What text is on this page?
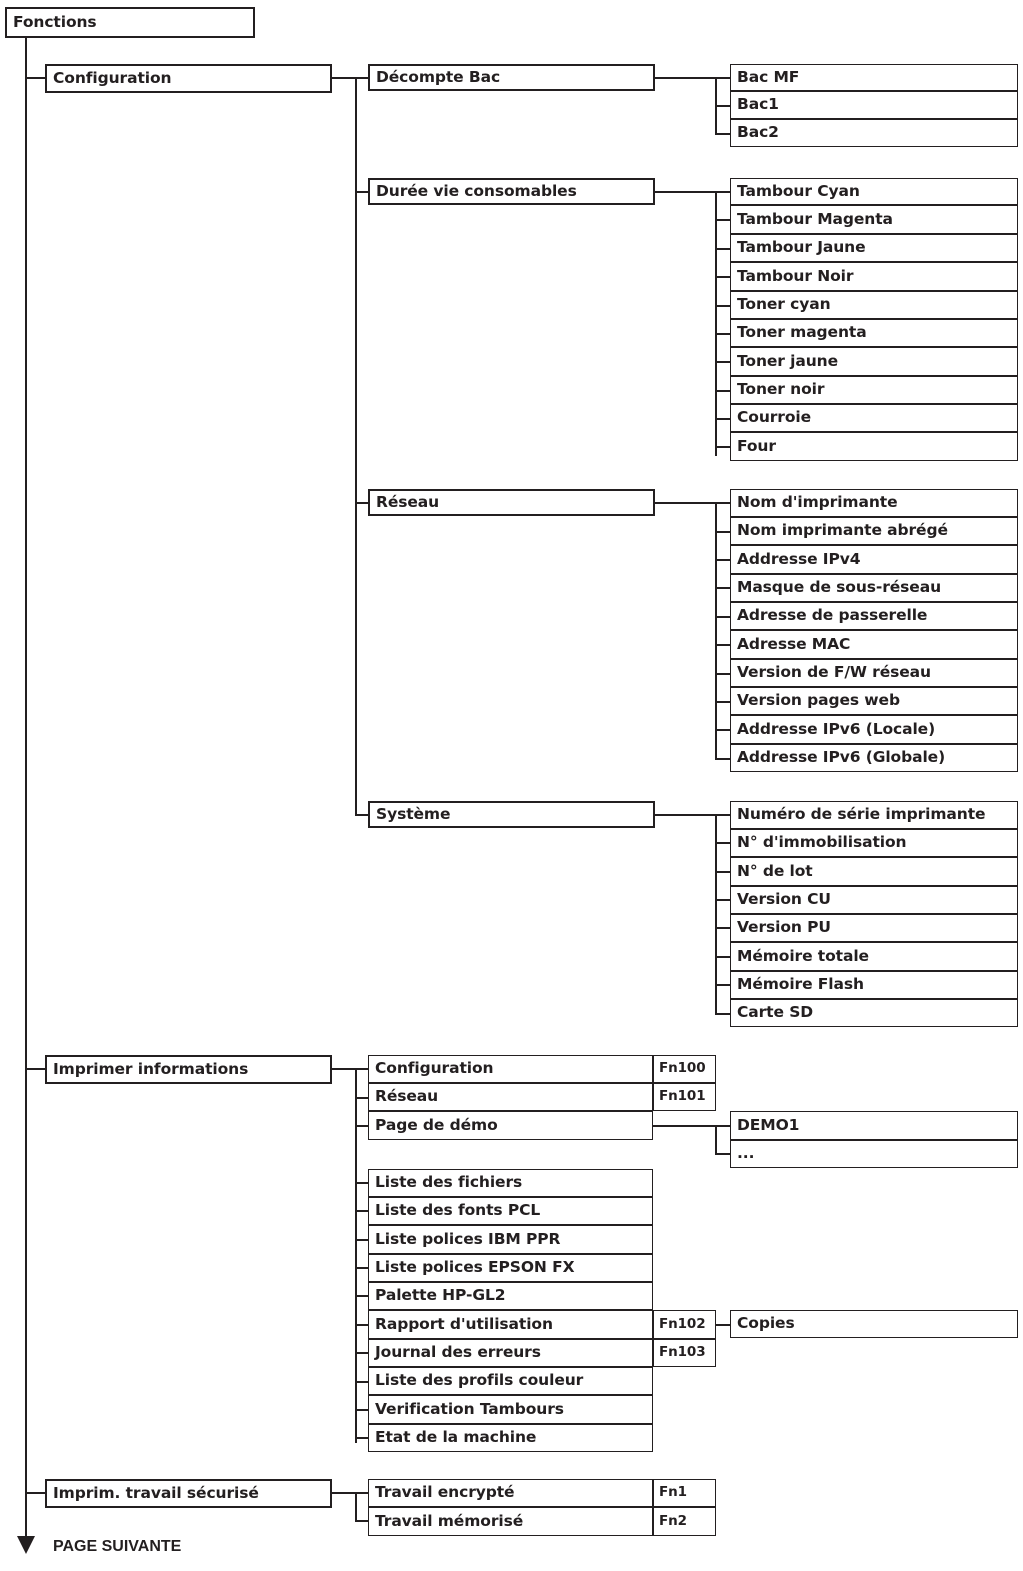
Fonctions
Configuration	Décompte Bac	Bac MF
Bac1
Bac2
Durée vie consomables	Tambour Cyan
Tambour Magenta
Tambour Jaune
Tambour Noir
Toner cyan
Toner magenta
Toner jaune
Toner noir
Courroie
Four
Réseau	Nom d'imprimante
Nom imprimante abrégé
Addresse IPv4
Masque de sous-réseau
Adresse de passerelle
Adresse MAC
Version de F/W réseau
Version pages web
Addresse IPv6 (Locale)
Addresse IPv6 (Globale)
Système	Numéro de série imprimante
N° d'immobilisation
N° de lot
Version CU
Version PU
Mémoire totale
Mémoire Flash
Carte SD
Imprimer informations	Configuration	Fn100
Réseau	Fn101
Page de démo	DEMO1
...
Liste des fichiers
Liste des fonts PCL
Liste polices IBM PPR
Liste polices EPSON FX
Palette HP-GL2
Rapport d'utilisation	Fn102
Journal des erreurs	Fn103
Liste des profils couleur
Verification Tambours
Etat de la machine
Copies
Imprim. travail sécurisé	Travail encrypté	Fn1
Travail mémorisé	Fn2
PAGE SUIVANTE
